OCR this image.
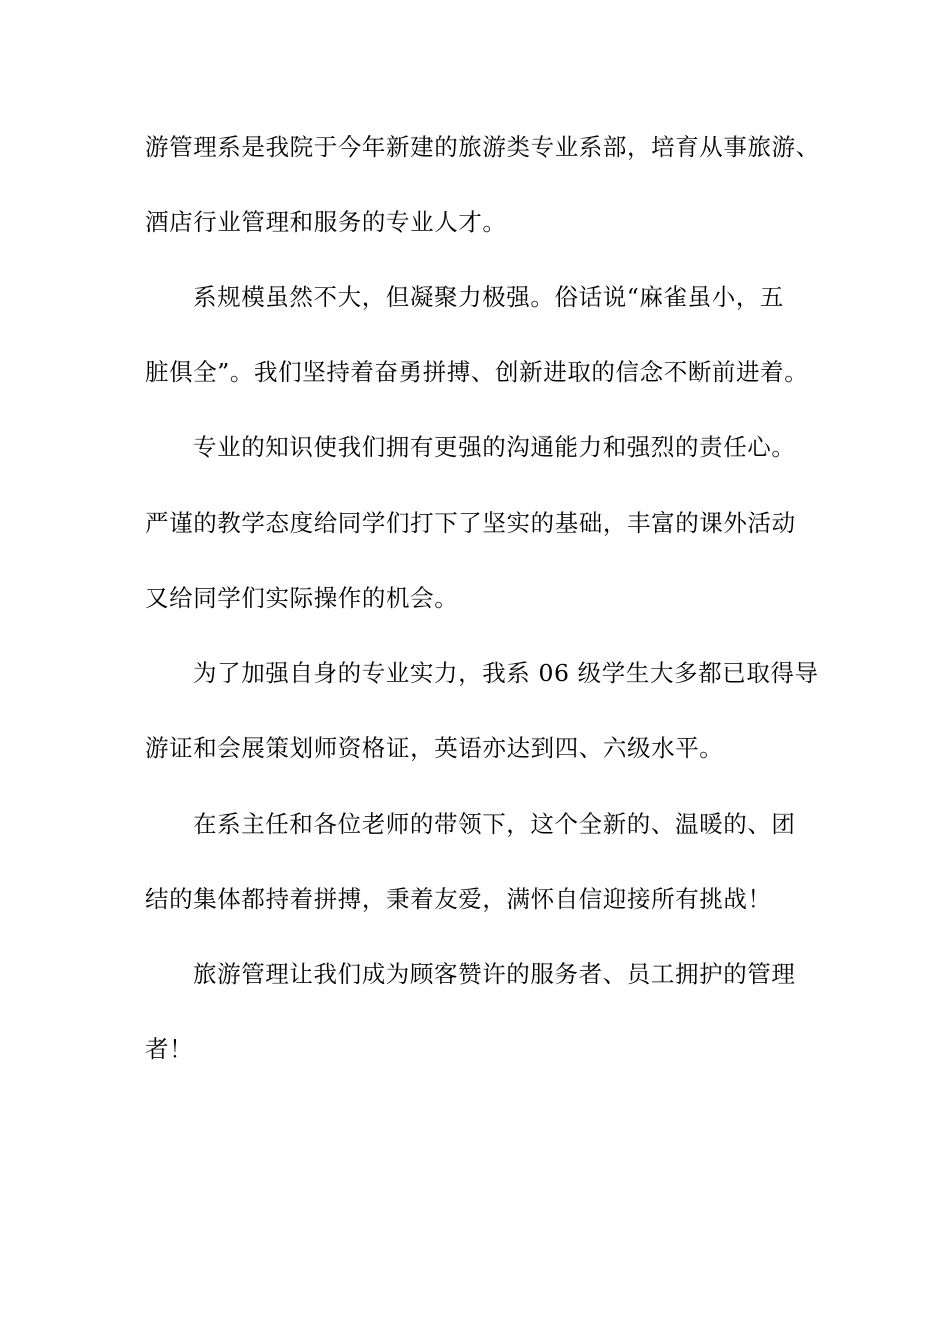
游管理系是我院于今年新建的旅游类专业系部，培育从事旅游、
酒店行业管理和服务的专业人才。
系规模虽然不大，但凝聚力极强。俗话说“麻雀虽小，五
脏俱全”。我们坚持着奋勇拼搏、创新进取的信念不断前进着。
专业的知识使我们拥有更强的沟通能力和强烈的责任心。
严谨的教学态度给同学们打下了坚实的基础，丰富的课外活动
又给同学们实际操作的机会。
为了加强自身的专业实力，我系 06 级学生大多都已取得导
游证和会展策划师资格证，英语亦达到四、六级水平。
在系主任和各位老师的带领下，这个全新的、温暖的、团
结的集体都持着拼搏，秉着友爱，满怀自信迎接所有挑战！
旅游管理让我们成为顾客赞许的服务者、员工拥护的管理
者！
